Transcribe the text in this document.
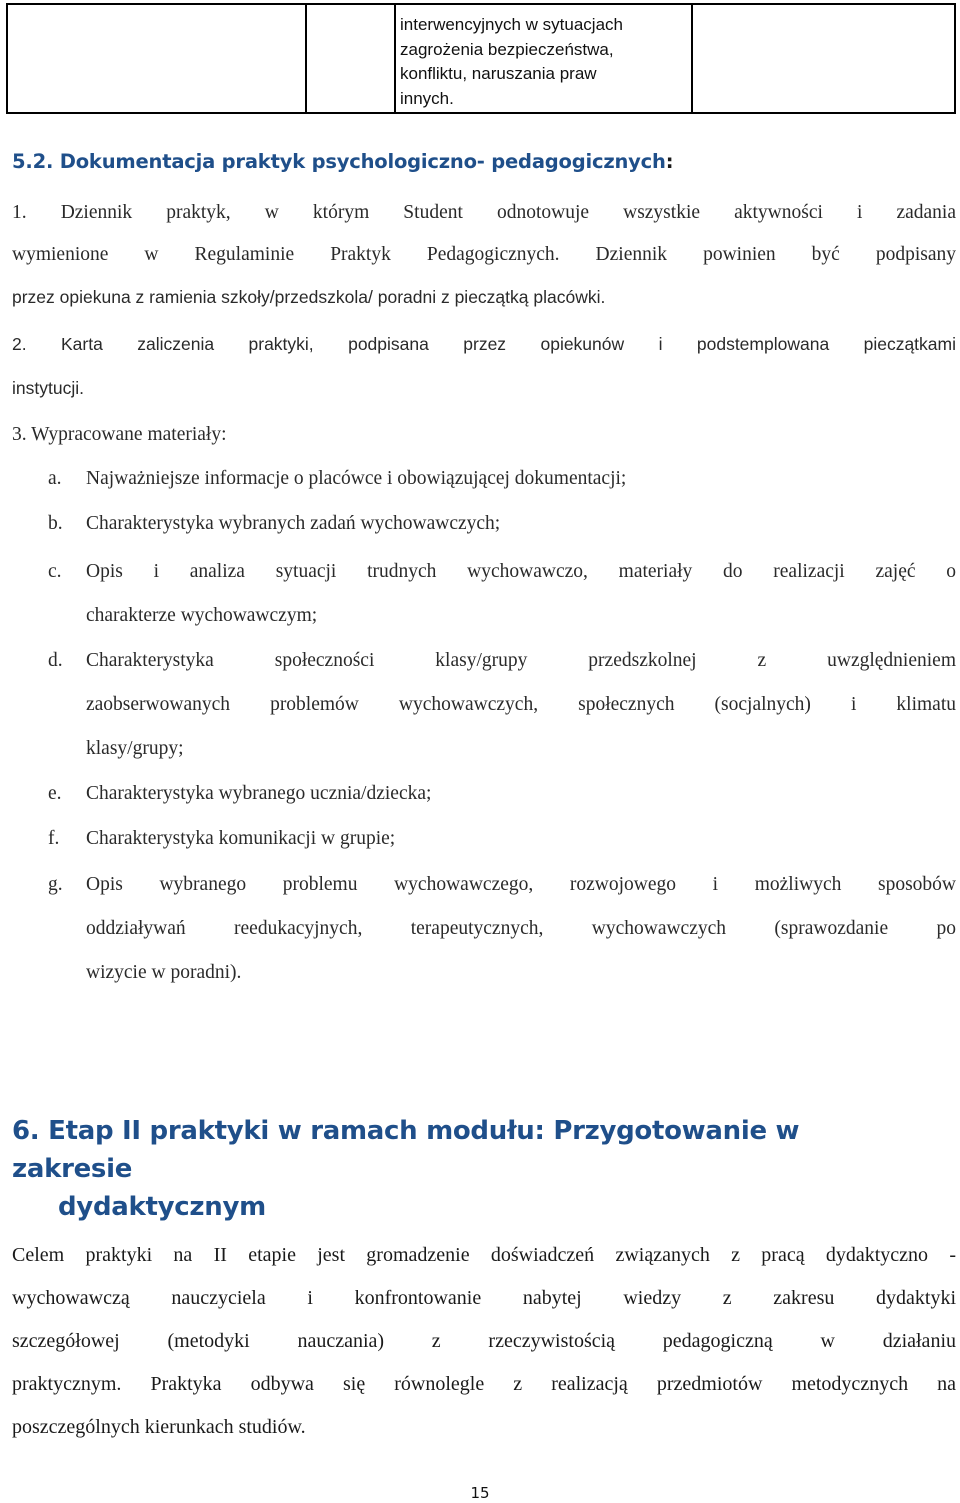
interwencyjnych w sytuacjach
zagrożenia bezpieczeństwa,
konfliktu, naruszania praw
innych.

5.2. Dokumentacja praktyk psychologiczno- pedagogicznych:

1. Dziennik praktyk, w którym Student odnotowuje wszystkie aktywności i zadania

wymienione w Regulaminie Praktyk Pedagogicznych. Dziennik powinien być podpisany

przez opiekuna z ramienia szkoły/przedszkola/ poradni z pieczątką placówki.

2. Karta zaliczenia praktyki, podpisana przez opiekunów i podstemplowana pieczątkami

instytucji.

3. Wypracowane materiały:

a. Najważniejsze informacje o placówce i obowiązującej dokumentacji;
b. Charakterystyka wybranych zadań wychowawczych;
c. Opis i analiza sytuacji trudnych wychowawczo, materiały do realizacji zajęć o
charakterze wychowawczym;
d. Charakterystyka społeczności klasy/grupy przedszkolnej z uwzględnieniem
zaobserwowanych problemów wychowawczych, społecznych (socjalnych) i klimatu
klasy/grupy;
e. Charakterystyka wybranego ucznia/dziecka;
f. Charakterystyka komunikacji w grupie;
g. Opis wybranego problemu wychowawczego, rozwojowego i możliwych sposobów
oddziaływań reedukacyjnych, terapeutycznych, wychowawczych (sprawozdanie po
wizycie w poradni).
6. Etap II praktyki w ramach modułu: Przygotowanie w zakresie
dydaktycznym

Celem praktyki na II etapie jest gromadzenie doświadczeń związanych z pracą dydaktyczno -

wychowawczą nauczyciela i konfrontowanie nabytej wiedzy z zakresu dydaktyki

szczegółowej (metodyki nauczania) z rzeczywistością pedagogiczną w działaniu

praktycznym. Praktyka odbywa się równolegle z realizacją przedmiotów metodycznych na

poszczególnych kierunkach studiów.

15
